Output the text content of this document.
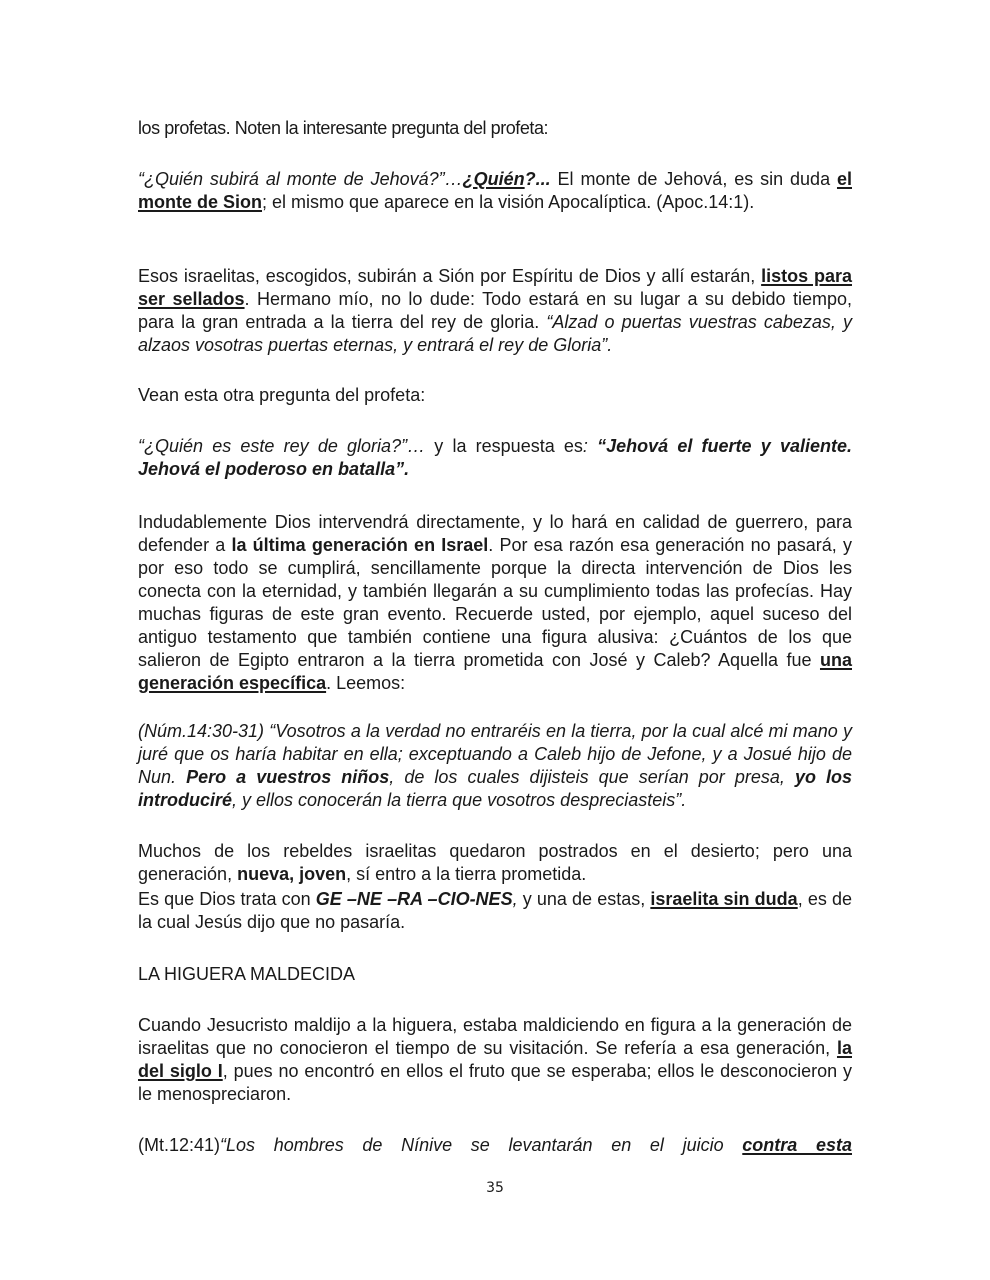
los profetas. Noten la interesante pregunta del profeta:

“¿Quién subirá al monte de Jehová?”…¿Quién?... El monte de Jehová, es sin duda el monte de Sion; el mismo que aparece en la visión Apocalíptica. (Apoc.14:1).

Esos israelitas, escogidos, subirán a Sión por Espíritu de Dios y allí estarán, listos para ser sellados. Hermano mío, no lo dude: Todo estará en su lugar a su debido tiempo, para la gran entrada a la tierra del rey de gloria. “Alzad o puertas vuestras cabezas, y alzaos vosotras puertas eternas, y entrará el rey de Gloria”.

Vean esta otra pregunta del profeta:

“¿Quién es este rey de gloria?”… y la respuesta es: “Jehová el fuerte y valiente. Jehová el poderoso en batalla”.

Indudablemente Dios intervendrá directamente, y lo hará en calidad de guerrero, para defender a la última generación en Israel. Por esa razón esa generación no pasará, y por eso todo se cumplirá, sencillamente porque la directa intervención de Dios les conecta con la eternidad, y también llegarán a su cumplimiento todas las profecías. Hay muchas figuras de este gran evento. Recuerde usted, por ejemplo, aquel suceso del antiguo testamento que también contiene una figura alusiva: ¿Cuántos de los que salieron de Egipto entraron a la tierra prometida con José y Caleb? Aquella fue una generación específica. Leemos:

(Núm.14:30-31) “Vosotros a la verdad no entraréis en la tierra, por la cual alcé mi mano y juré que os haría habitar en ella; exceptuando a Caleb hijo de Jefone, y a Josué hijo de Nun. Pero a vuestros niños, de los cuales dijisteis que serían por presa, yo los introduciré, y ellos conocerán la tierra que vosotros despreciasteis”.

Muchos de los rebeldes israelitas quedaron postrados en el desierto; pero una generación, nueva, joven, sí entro a la tierra prometida.

Es que Dios trata con GE –NE –RA –CIO-NES, y una de estas, israelita sin duda, es de la cual Jesús dijo que no pasaría.

LA HIGUERA MALDECIDA

Cuando Jesucristo maldijo a la higuera, estaba maldiciendo en figura a la generación de israelitas que no conocieron el tiempo de su visitación. Se refería a esa generación, la del siglo I, pues no encontró en ellos el fruto que se esperaba; ellos le desconocieron y le menospreciaron.

(Mt.12:41)“Los hombres de Nínive se levantarán en el juicio contra esta

35
